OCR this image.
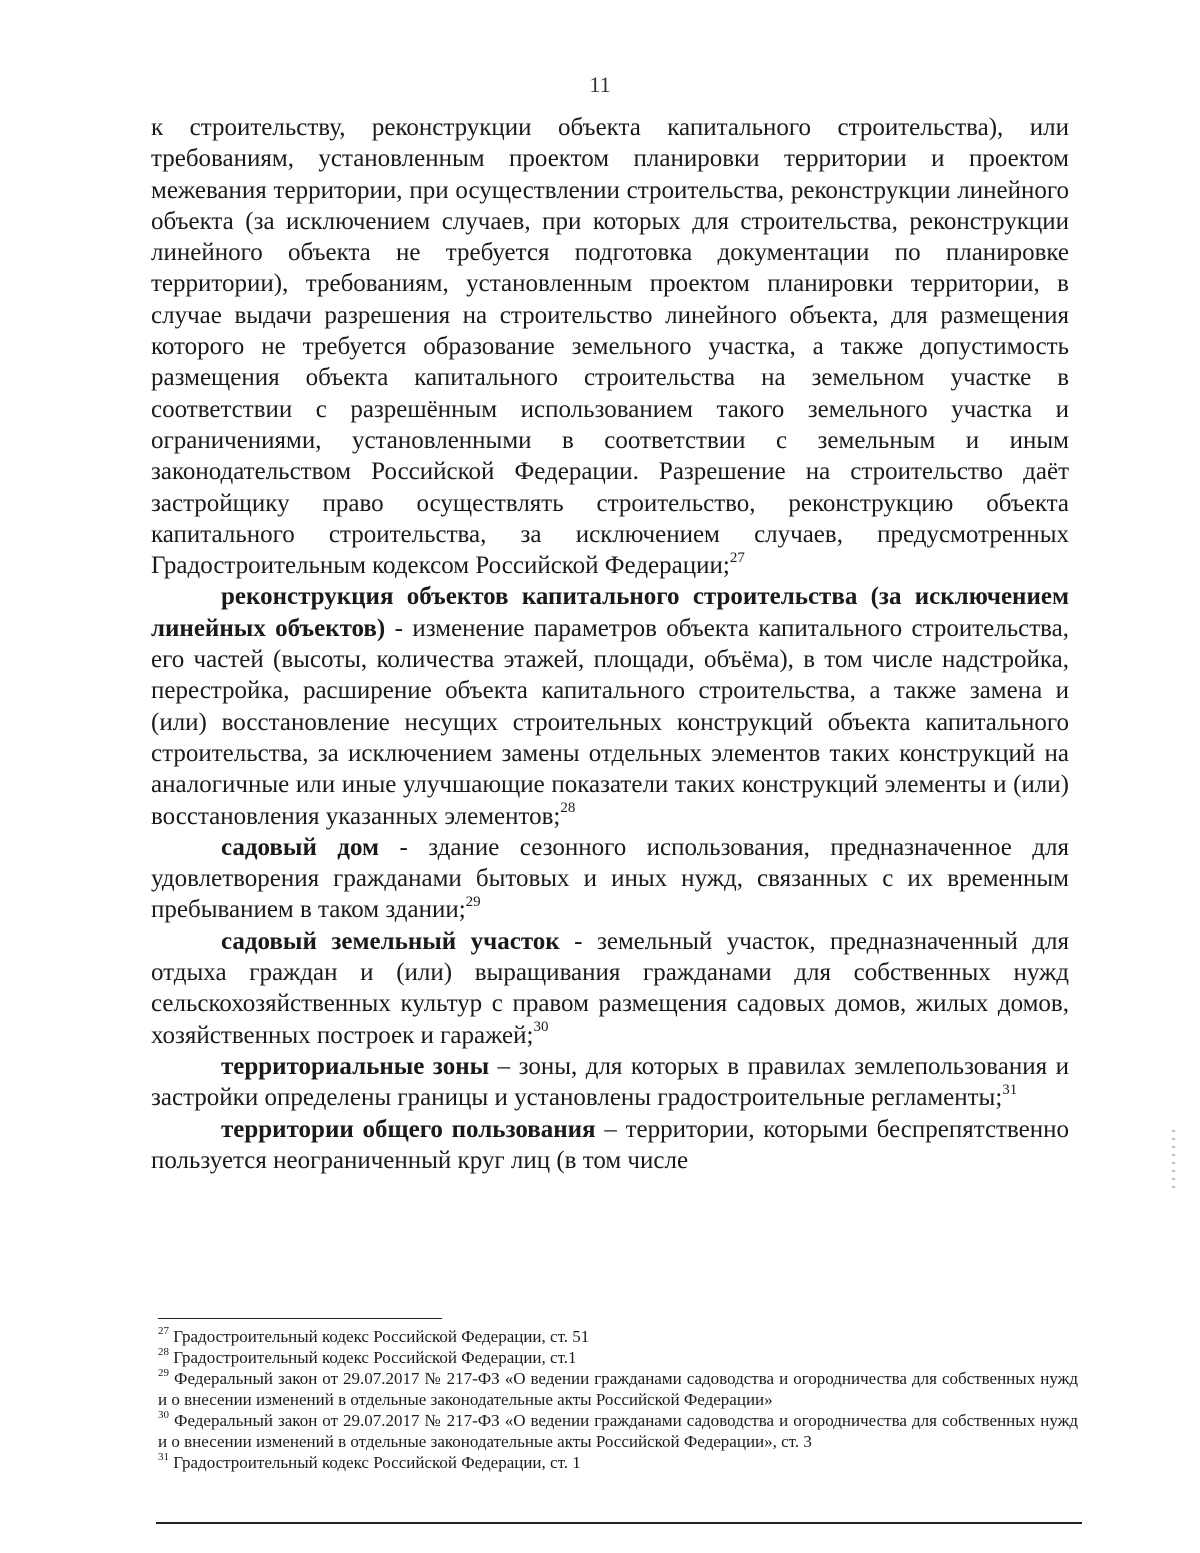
11

к строительству, реконструкции объекта капитального строительства), или требованиям, установленным проектом планировки территории и проектом межевания территории, при осуществлении строительства, реконструкции линейного объекта (за исключением случаев, при которых для строительства, реконструкции линейного объекта не требуется подготовка документации по планировке территории), требованиям, установленным проектом планировки территории, в случае выдачи разрешения на строительство линейного объекта, для размещения которого не требуется образование земельного участка, а также допустимость размещения объекта капитального строительства на земельном участке в соответствии с разрешённым использованием такого земельного участка и ограничениями, установленными в соответствии с земельным и иным законодательством Российской Федерации. Разрешение на строительство даёт застройщику право осуществлять строительство, реконструкцию объекта капитального строительства, за исключением случаев, предусмотренных Градостроительным кодексом Российской Федерации;$^{27}$

реконструкция объектов капитального строительства (за исключением линейных объектов) - изменение параметров объекта капитального строительства, его частей (высоты, количества этажей, площади, объёма), в том числе надстройка, перестройка, расширение объекта капитального строительства, а также замена и (или) восстановление несущих строительных конструкций объекта капитального строительства, за исключением замены отдельных элементов таких конструкций на аналогичные или иные улучшающие показатели таких конструкций элементы и (или) восстановления указанных элементов;$^{28}$

садовый дом - здание сезонного использования, предназначенное для удовлетворения гражданами бытовых и иных нужд, связанных с их временным пребыванием в таком здании;$^{29}$

садовый земельный участок - земельный участок, предназначенный для отдыха граждан и (или) выращивания гражданами для собственных нужд сельскохозяйственных культур с правом размещения садовых домов, жилых домов, хозяйственных построек и гаражей;$^{30}$

территориальные зоны – зоны, для которых в правилах землепользования и застройки определены границы и установлены градостроительные регламенты;$^{31}$

территории общего пользования – территории, которыми беспрепятственно пользуется неограниченный круг лиц (в том числе

$^{27}$ Градостроительный кодекс Российской Федерации, ст. 51

$^{28}$ Градостроительный кодекс Российской Федерации, ст.1

$^{29}$ Федеральный закон от 29.07.2017 № 217-ФЗ «О ведении гражданами садоводства и огородничества для собственных нужд и о внесении изменений в отдельные законодательные акты Российской Федерации»

$^{30}$ Федеральный закон от 29.07.2017 № 217-ФЗ «О ведении гражданами садоводства и огородничества для собственных нужд и о внесении изменений в отдельные законодательные акты Российской Федерации», ст. 3

$^{31}$ Градостроительный кодекс Российской Федерации, ст. 1
